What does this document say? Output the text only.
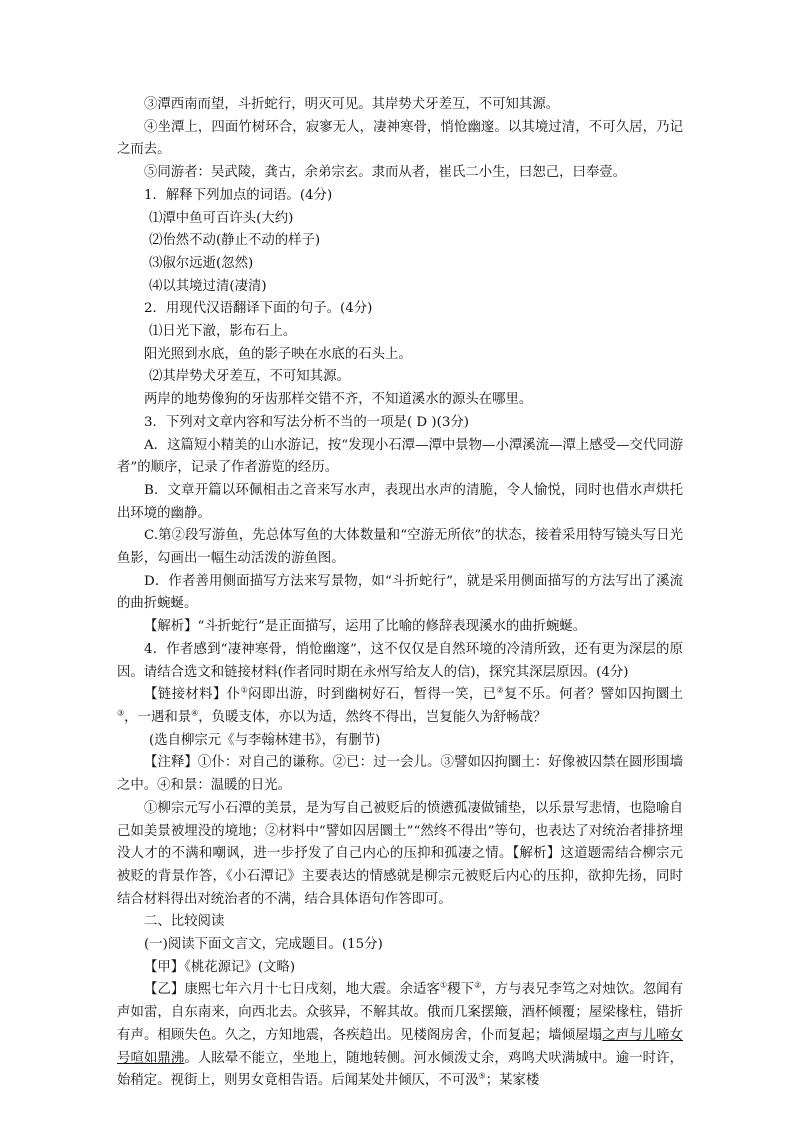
③潭西南而望，斗折蛇行，明灭可见。其岸势犬牙差互，不可知其源。

④坐潭上，四面竹树环合，寂寥无人，凄神寒骨，悄怆幽邃。以其境过清，不可久居，乃记之而去。

⑤同游者：吴武陵，龚古，余弟宗玄。隶而从者，崔氏二小生，曰恕己，曰奉壹。

1．解释下列加点的词语。(4分)

⑴潭中鱼可百许头(大约)

⑵佁然不动(静止不动的样子)

⑶俶尔远逝(忽然)

⑷以其境过清(凄清)

2．用现代汉语翻译下面的句子。(4分)

⑴日光下澈，影布石上。

阳光照到水底，鱼的影子映在水底的石头上。

⑵其岸势犬牙差互，不可知其源。

两岸的地势像狗的牙齿那样交错不齐，不知道溪水的源头在哪里。

3．下列对文章内容和写法分析不当的一项是( D )(3分)

A．这篇短小精美的山水游记，按“发现小石潭—潭中景物—小潭溪流—潭上感受—交代同游者”的顺序，记录了作者游览的经历。

B．文章开篇以环佩相击之音来写水声，表现出水声的清脆，令人愉悦，同时也借水声烘托出环境的幽静。

C.第②段写游鱼，先总体写鱼的大体数量和“空游无所依”的状态，接着采用特写镜头写日光鱼影，勾画出一幅生动活泼的游鱼图。

D．作者善用侧面描写方法来写景物，如“斗折蛇行”，就是采用侧面描写的方法写出了溪流的曲折蜿蜒。

【解析】“斗折蛇行”是正面描写，运用了比喻的修辞表现溪水的曲折蜿蜒。

4．作者感到“凄神寒骨，悄怆幽邃”，这不仅仅是自然环境的冷清所致，还有更为深层的原因。请结合选文和链接材料(作者同时期在永州写给友人的信)，探究其深层原因。(4分)

【链接材料】仆①闷即出游，时到幽树好石，暂得一笑，已②复不乐。何者？譬如囚拘圜土③，一遇和景④，负暖支体，亦以为适，然终不得出，岂复能久为舒畅哉？

(选自柳宗元《与李翰林建书》，有删节)

【注释】①仆：对自己的谦称。②已：过一会儿。③譬如囚拘圜土：好像被囚禁在圆形围墙之中。④和景：温暖的日光。

①柳宗元写小石潭的美景，是为写自己被贬后的愤懑孤凄做铺垫，以乐景写悲情，也隐喻自己如美景被埋没的境地；②材料中“譬如囚居圜土”“然终不得出”等句，也表达了对统治者排挤埋没人才的不满和嘲讽，进一步抒发了自己内心的压抑和孤凄之情。【解析】这道题需结合柳宗元被贬的背景作答，《小石潭记》主要表达的情感就是柳宗元被贬后内心的压抑，欲抑先扬，同时结合材料得出对统治者的不满，结合具体语句作答即可。

二、比较阅读

(一)阅读下面文言文，完成题目。(15分)

【甲】《桃花源记》(文略)

【乙】康熙七年六月十七日戌刻，地大震。余适客①稷下②，方与表兄李笃之对烛饮。忽闻有声如雷，自东南来，向西北去。众骇异，不解其故。俄而几案摆簸，酒杯倾覆；屋梁椽柱，错折有声。相顾失色。久之，方知地震，各疾趋出。见楼阁房舍，仆而复起；墙倾屋塌之声与儿啼女号喧如鼎沸。人眩晕不能立，坐地上，随地转侧。河水倾泼丈余，鸡鸣犬吠满城中。逾一时许，始稍定。视街上，则男女竟相告语。后闻某处井倾仄，不可汲⑤；某家楼
